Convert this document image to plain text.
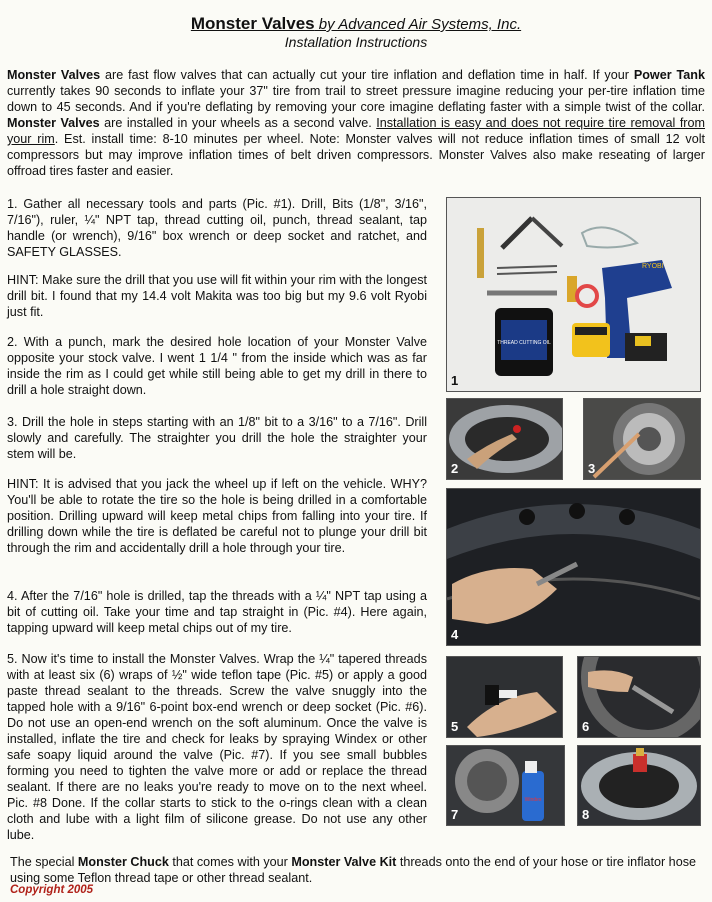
Monster Valves by Advanced Air Systems, Inc.
Installation Instructions
Monster Valves are fast flow valves that can actually cut your tire inflation and deflation time in half. If your Power Tank currently takes 90 seconds to inflate your 37" tire from trail to street pressure imagine reducing your per-tire inflation time down to 45 seconds. And if you're deflating by removing your core imagine deflating faster with a simple twist of the collar. Monster Valves are installed in your wheels as a second valve. Installation is easy and does not require tire removal from your rim. Est. install time: 8-10 minutes per wheel. Note: Monster valves will not reduce inflation times of small 12 volt compressors but may improve inflation times of belt driven compressors. Monster Valves also make reseating of larger offroad tires faster and easier.
1. Gather all necessary tools and parts (Pic. #1). Drill, Bits (1/8", 3/16", 7/16"), ruler, ¼" NPT tap, thread cutting oil, punch, thread sealant, tap handle (or wrench), 9/16" box wrench or deep socket and ratchet, and SAFETY GLASSES.
HINT: Make sure the drill that you use will fit within your rim with the longest drill bit. I found that my 14.4 volt Makita was too big but my 9.6 volt Ryobi just fit.
2. With a punch, mark the desired hole location of your Monster Valve opposite your stock valve. I went 1 1/4 " from the inside which was as far inside the rim as I could get while still being able to get my drill in there to drill a hole straight down.
3. Drill the hole in steps starting with an 1/8" bit to a 3/16" to a 7/16". Drill slowly and carefully. The straighter you drill the hole the straighter your stem will be.
HINT: It is advised that you jack the wheel up if left on the vehicle. WHY? You'll be able to rotate the tire so the hole is being drilled in a comfortable position. Drilling upward will keep metal chips from falling into your tire. If drilling down while the tire is deflated be careful not to plunge your drill bit through the rim and accidentally drill a hole through your tire.
4. After the 7/16" hole is drilled, tap the threads with a ¼" NPT tap using a bit of cutting oil. Take your time and tap straight in (Pic. #4). Here again, tapping upward will keep metal chips out of my tire.
5. Now it's time to install the Monster Valves. Wrap the ¼" tapered threads with at least six (6) wraps of ½" wide teflon tape (Pic. #5) or apply a good paste thread sealant to the threads. Screw the valve snuggly into the tapped hole with a 9/16" 6-point box-end wrench or deep socket (Pic. #6). Do not use an open-end wrench on the soft aluminum. Once the valve is installed, inflate the tire and check for leaks by spraying Windex or other safe soapy liquid around the valve (Pic. #7). If you see small bubbles forming you need to tighten the valve more or add or replace the thread sealant. If there are no leaks you're ready to move on to the next wheel. Pic. #8 Done. If the collar starts to stick to the o-rings clean with a clean cloth and lube with a light film of silicone grease. Do not use any other lube.
THREAD CUTTING OIL
RYOBI
1
2	3
4
5	6
Windex
7	8
The special Monster Chuck that comes with your Monster Valve Kit threads onto the end of your hose or tire inflator hose using some Teflon thread tape or other thread sealant.
Copyright 2005
